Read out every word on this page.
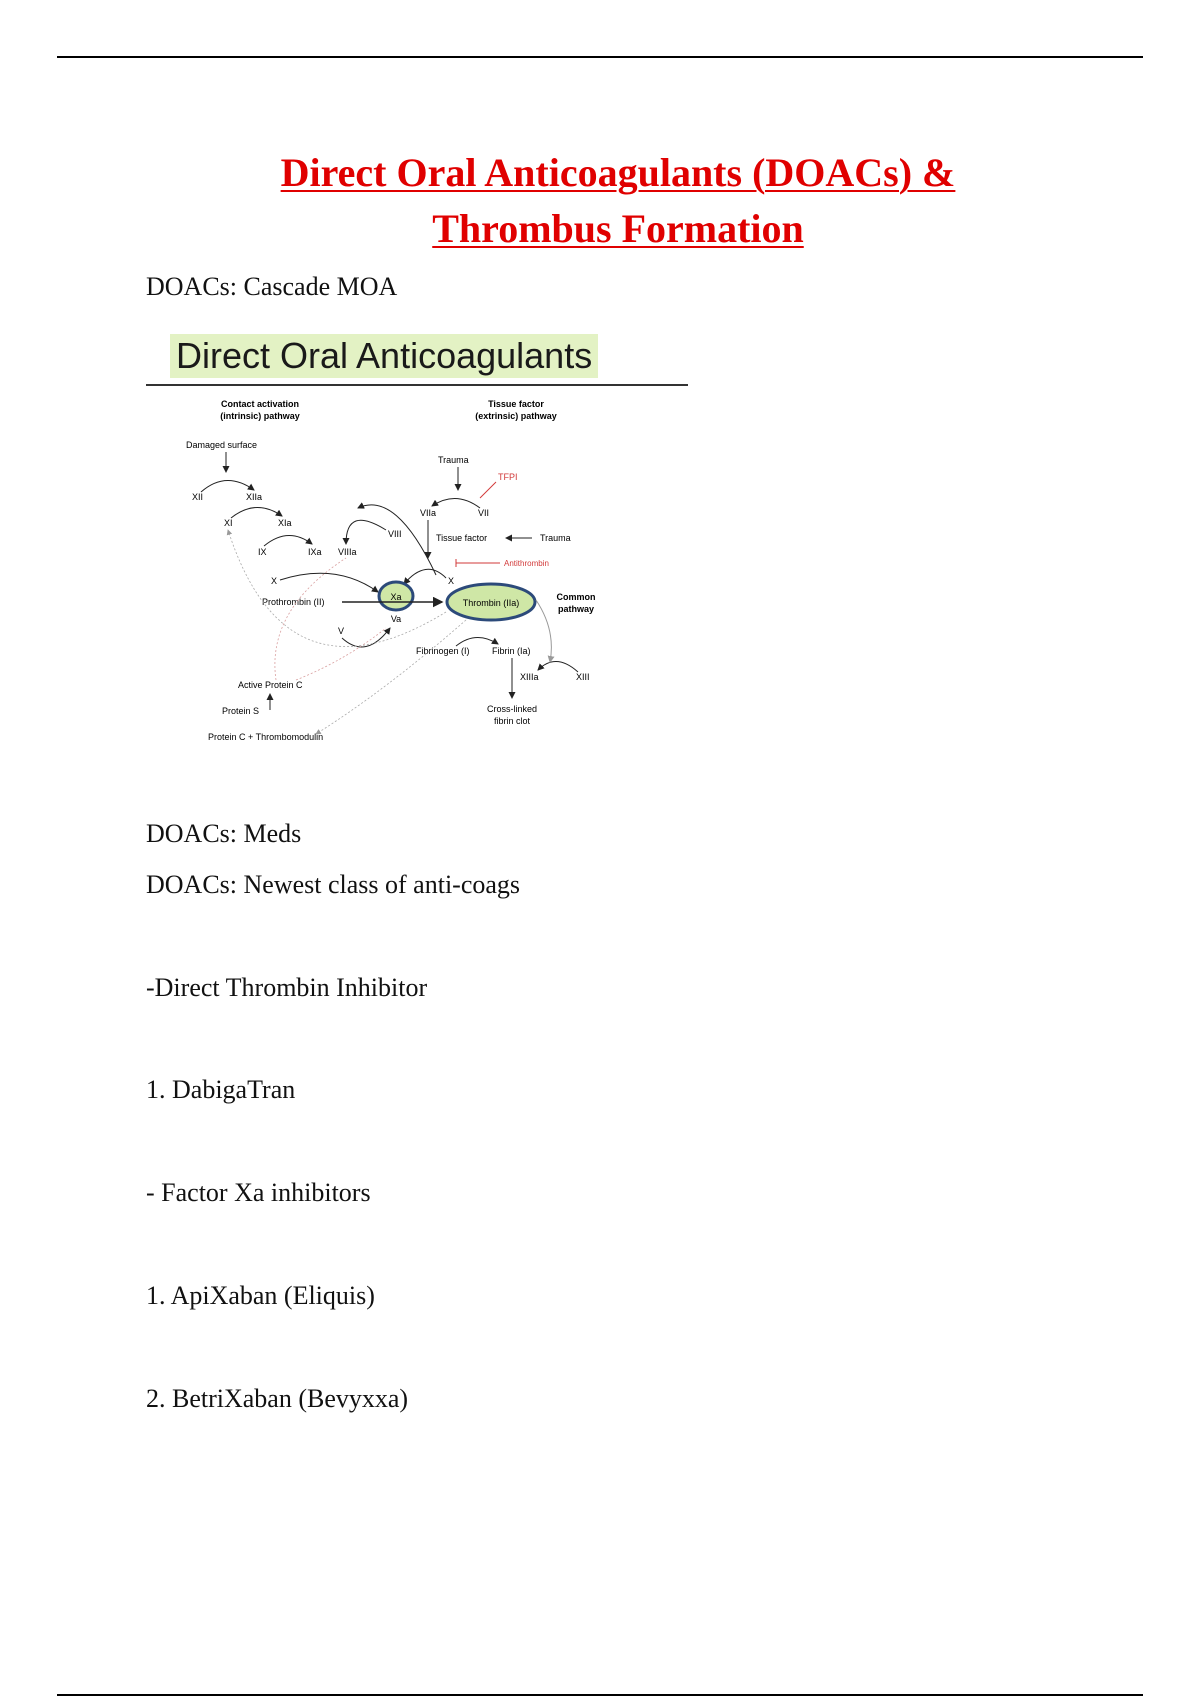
Direct Oral Anticoagulants (DOACs) &
Thrombus Formation
DOACs: Cascade MOA
Direct Oral Anticoagulants
Contact activation
(intrinsic) pathway
Tissue factor
(extrinsic) pathway
Damaged surface
XII	XIIa
XI	XIa
IX	IXa VIIIa
VIII
Trauma
TFPI
VIIa	VII
Tissue factor	Trauma
Antithrombin
X	X
Xa
Va
Prothrombin (II)	Thrombin (IIa)
Common
pathway
V
Fibrinogen (I) Fibrin (Ia)
XIIIa	XIII
Cross-linked
fibrin clot
Active Protein C
Protein S
Protein C + Thrombomodulin
DOACs: Meds
DOACs: Newest class of anti-coags
-Direct Thrombin Inhibitor
1. DabigaTran
- Factor Xa inhibitors
1. ApiXaban (Eliquis)
2. BetriXaban (Bevyxxa)
